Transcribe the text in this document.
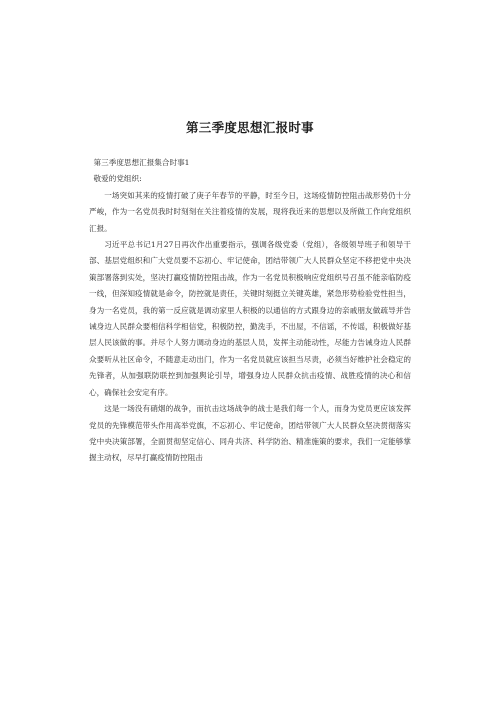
第三季度思想汇报时事

第三季度思想汇报集合时事1

敬爱的党组织:

一场突如其来的疫情打破了庚子年春节的平静，时至今日，这场疫情防控阻击战形势仍十分严峻，作为一名党员我时时刻刻在关注着疫情的发展，现将我近来的思想以及所做工作向党组织汇报。

习近平总书记1月27日再次作出重要指示，强调各级党委（党组），各级领导班子和领导干部、基层党组织和广大党员要不忘初心、牢记使命，团结带领广大人民群众坚定不移把党中央决策部署落到实处，坚决打赢疫情防控阻击战，作为一名党员积极响应党组织号召虽不能亲临防疫一线，但深知疫情就是命令，防控就是责任，关键时刻挺立关键英雄，紧急形势检验党性担当，身为一名党员，我的第一反应就是调动家里人积极的以通信的方式跟身边的亲戚朋友做疏导并告诫身边人民群众要相信科学相信党，积极防控，勤洗手，不出屋，不信谣，不传谣，积极做好基层人民该做的事。并尽个人努力调动身边的基层人员，发挥主动能动性，尽能力告诫身边人民群众要听从社区命令，不随意走动出门，作为一名党员就应该担当尽责，必须当好维护社会稳定的先锋者，从加强联防联控到加强舆论引导，增强身边人民群众抗击疫情、战胜疫情的决心和信心，确保社会安定有序。

这是一场没有硝烟的战争，而抗击这场战争的战士是我们每一个人，而身为党员更应该发挥党员的先锋模范带头作用高举党旗，不忘初心、牢记使命，团结带领广大人民群众坚决贯彻落实党中央决策部署，全面贯彻坚定信心、同舟共济、科学防治、精准施策的要求，我们一定能够掌握主动权，尽早打赢疫情防控阻击
